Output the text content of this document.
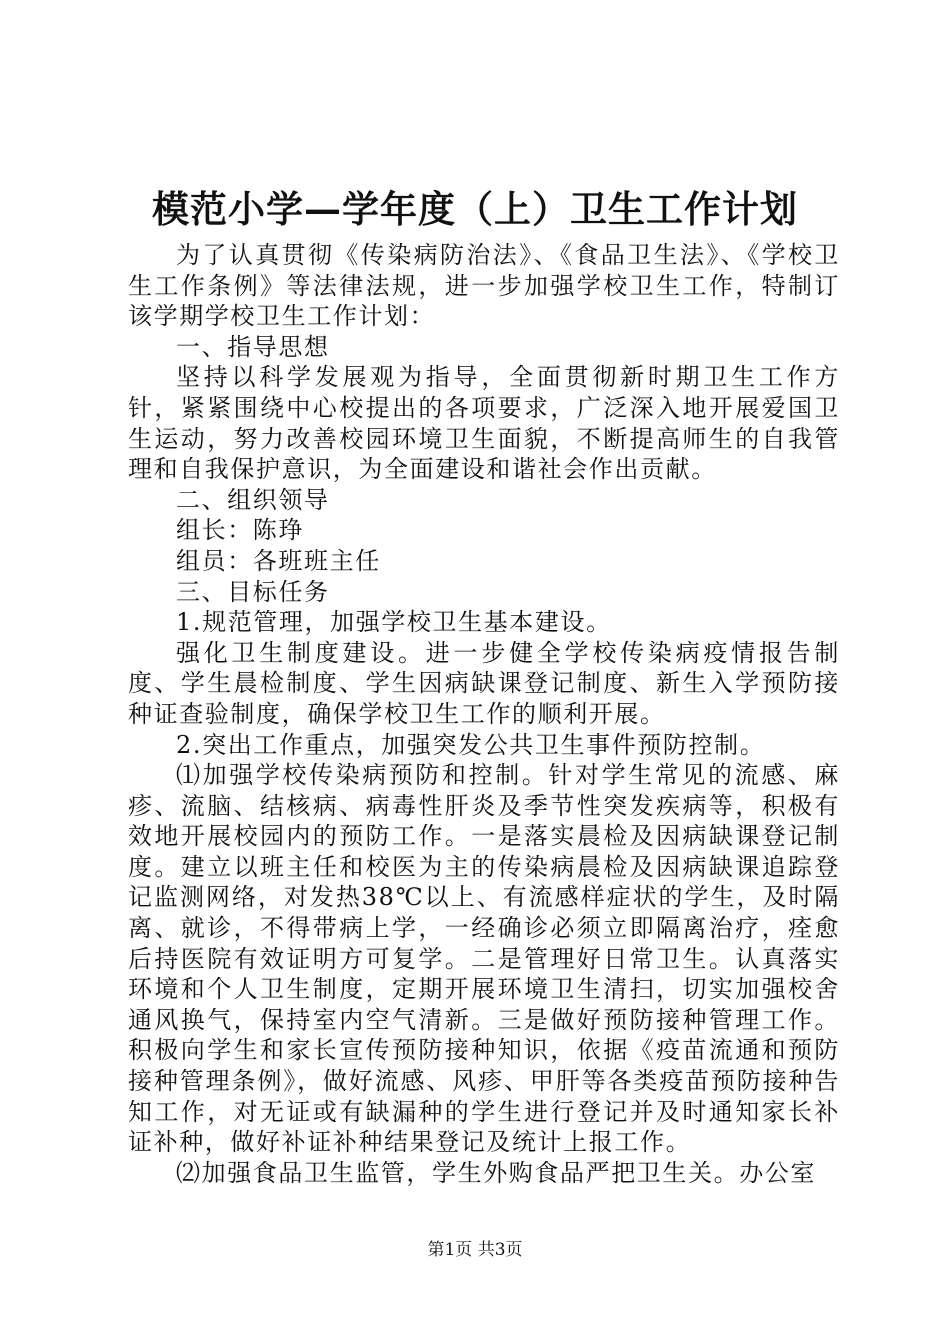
模范小学—学年度（上）卫生工作计划

为了认真贯彻《传染病防治法》、《食品卫生法》、《学校卫生工作条例》等法律法规，进一步加强学校卫生工作，特制订该学期学校卫生工作计划：

一、指导思想

坚持以科学发展观为指导，全面贯彻新时期卫生工作方针，紧紧围绕中心校提出的各项要求，广泛深入地开展爱国卫生运动，努力改善校园环境卫生面貌，不断提高师生的自我管理和自我保护意识，为全面建设和谐社会作出贡献。

二、组织领导

组长：陈琤

组员：各班班主任

三、目标任务

1.规范管理，加强学校卫生基本建设。

强化卫生制度建设。进一步健全学校传染病疫情报告制度、学生晨检制度、学生因病缺课登记制度、新生入学预防接种证查验制度，确保学校卫生工作的顺利开展。

2.突出工作重点，加强突发公共卫生事件预防控制。

⑴加强学校传染病预防和控制。针对学生常见的流感、麻疹、流脑、结核病、病毒性肝炎及季节性突发疾病等，积极有效地开展校园内的预防工作。一是落实晨检及因病缺课登记制度。建立以班主任和校医为主的传染病晨检及因病缺课追踪登记监测网络，对发热38℃以上、有流感样症状的学生，及时隔离、就诊，不得带病上学，一经确诊必须立即隔离治疗，痊愈后持医院有效证明方可复学。二是管理好日常卫生。认真落实环境和个人卫生制度，定期开展环境卫生清扫，切实加强校舍通风换气，保持室内空气清新。三是做好预防接种管理工作。积极向学生和家长宣传预防接种知识，依据《疫苗流通和预防接种管理条例》，做好流感、风疹、甲肝等各类疫苗预防接种告知工作，对无证或有缺漏种的学生进行登记并及时通知家长补证补种，做好补证补种结果登记及统计上报工作。

⑵加强食品卫生监管，学生外购食品严把卫生关。办公室

第1页 共3页
